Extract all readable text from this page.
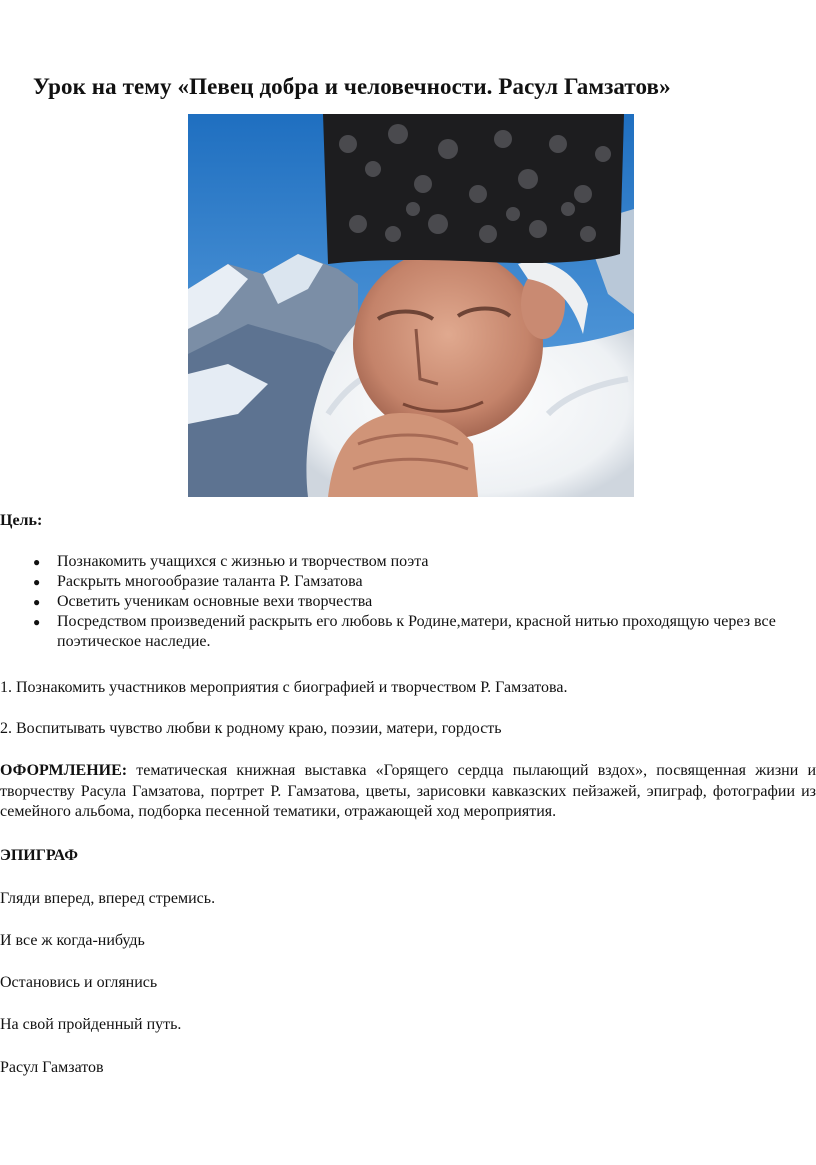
Урок на тему «Певец добра и человечности. Расул Гамзатов»
Цель:
● Познакомить учащихся с жизнью и творчеством поэта
● Раскрыть многообразие таланта Р. Гамзатова
● Осветить ученикам основные вехи творчества
● Посредством произведений раскрыть его любовь к Родине,матери, красной нитью проходящую через все поэтическое наследие.

1. Познакомить участников мероприятия с биографией и творчеством Р. Гамзатова.

2. Воспитывать чувство любви к родному краю, поэзии, матери, гордость

ОФОРМЛЕНИЕ: тематическая книжная выставка «Горящего сердца пылающий вздох», посвященная жизни и творчеству Расула Гамзатова, портрет Р. Гамзатова, цветы, зарисовки кавказских пейзажей, эпиграф, фотографии из семейного альбома, подборка песенной тематики, отражающей ход мероприятия.

ЭПИГРАФ

Гляди вперед, вперед стремись.

И все ж когда-нибудь

Остановись и оглянись

На свой пройденный путь.

Расул Гамзатов
